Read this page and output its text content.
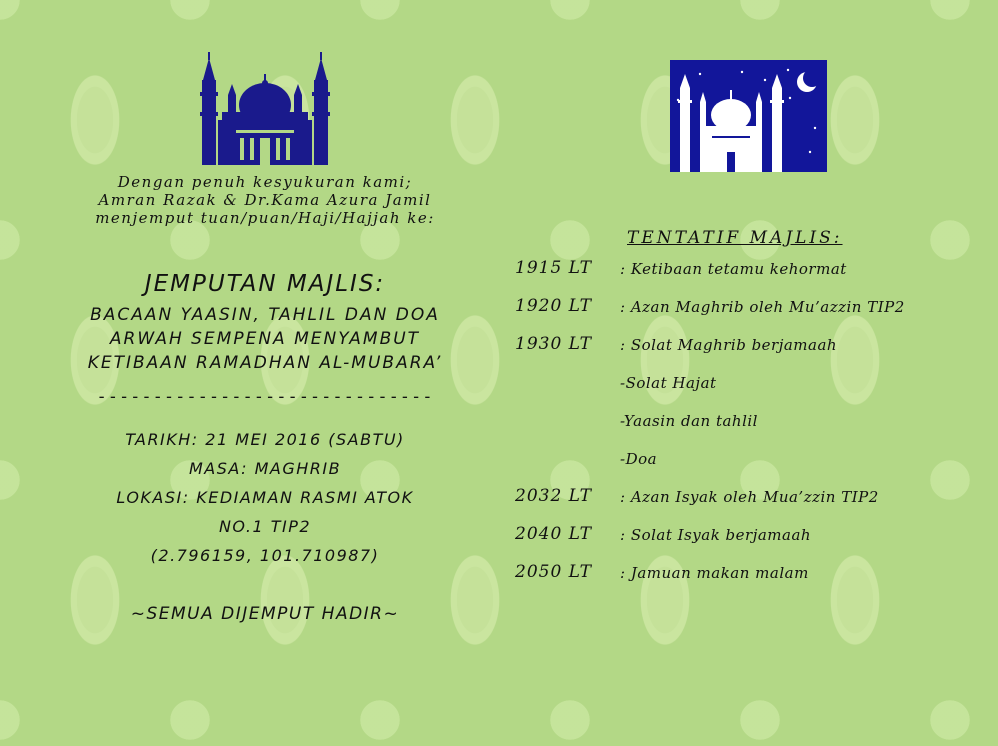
Dengan penuh kesyukuran kami;
Amran Razak & Dr.Kama Azura Jamil
menjemput tuan/puan/Haji/Hajjah ke:
JEMPUTAN MAJLIS:
BACAAN YAASIN, TAHLIL DAN DOA
ARWAH SEMPENA MENYAMBUT
KETIBAAN RAMADHAN AL-MUBARA’
------------------------------
TARIKH: 21 MEI 2016 (SABTU)
MASA: MAGHRIB
LOKASI: KEDIAMAN RASMI ATOK
NO.1 TIP2
(2.796159, 101.710987)
~SEMUA DIJEMPUT HADIR~
TENTATIF MAJLIS:
1915 LT : Ketibaan tetamu kehormat
1920 LT : Azan Maghrib oleh Mu’azzin TIP2
1930 LT : Solat Maghrib berjamaah
-Solat Hajat
-Yaasin dan tahlil
-Doa
2032 LT : Azan Isyak oleh Mua’zzin TIP2
2040 LT : Solat Isyak berjamaah
2050 LT : Jamuan makan malam
